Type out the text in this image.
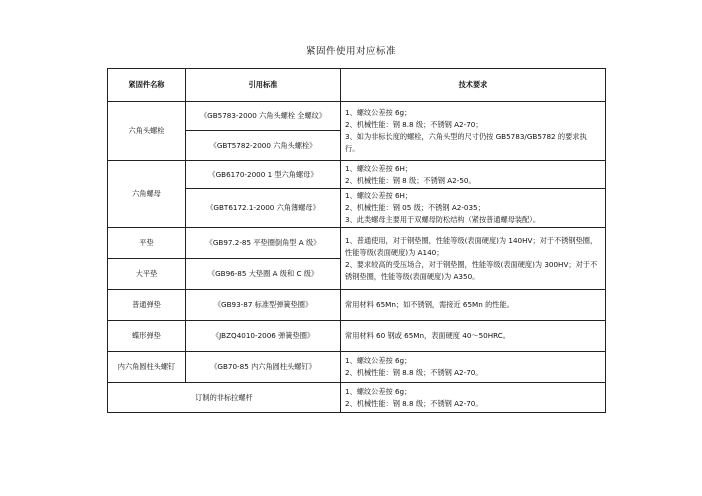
紧固件使用对应标准
紧固件名称	引用标准	技术要求
六角头螺栓	《GB5783-2000 六角头螺栓 全螺纹》	1、螺纹公差按 6g；
2、机械性能：钢 8.8 级；不锈钢 A2-70；
3、如为非标长度的螺栓，六角头型的尺寸仍按 GB5783/GB5782 的要求执行。
	《GBT5782-2000 六角头螺栓》	
六角螺母	《GB6170-2000 1 型六角螺母》	1、螺纹公差按 6H；
2、机械性能：钢 8 级；不锈钢 A2-50。

	《GBT6172.1-2000 六角薄螺母》	1、螺纹公差按 6H；
2、机械性能：钢 05 级；不锈钢 A2-035；
3、此类螺母主要用于双螺母防松结构（紧按普通螺母装配）。

平垫	《GB97.2-85 平垫圈倒角型 A 级》	1、普通使用，对于钢垫圈，性能等级(表面硬度)为 140HV；对于不锈钢垫圈，性能等级(表面硬度)为 A140；
2、要求较高的受压场合，对于钢垫圈，性能等级(表面硬度)为 300HV；对于不锈钢垫圈，性能等级(表面硬度)为 A350。
大平垫	《GB96-85 大垫圈 A 级和 C 级》	
普通弹垫	《GB93-87 标准型弹簧垫圈》	常用材料 65Mn；如不锈钢，需接近 65Mn 的性能。
蝶形弹垫	《JBZQ4010-2006 弹簧垫圈》	常用材料 60 钢或 65Mn，表面硬度 40～50HRC。
内六角圆柱头螺钉	《GB70-85 内六角圆柱头螺钉》	1、螺纹公差按 6g；
2、机械性能：钢 8.8 级；不锈钢 A2-70。

订制的非标拉螺杆		1、螺纹公差按 6g；
2、机械性能：钢 8.8 级；不锈钢 A2-70。
